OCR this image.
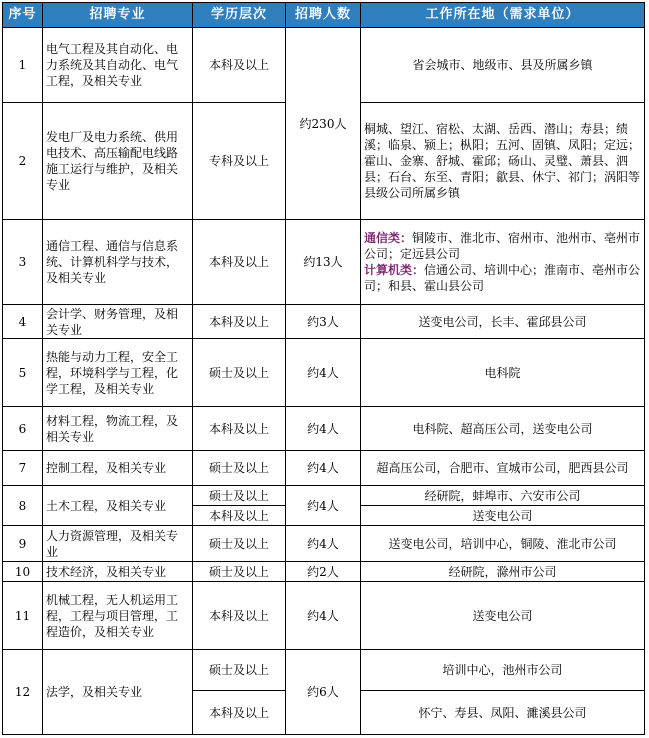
序号	招聘专业	学历层次	招聘人数	工作所在地（需求单位）
1	电气工程及其自动化、电力系统及其自动化、电气工程，及相关专业	本科及以上	约230人	省会城市、地级市、县及所属乡镇
2	发电厂及电力系统、供用电技术、高压输配电线路施工运行与维护，及相关专业	专科及以上		桐城、望江、宿松、太湖、岳西、潜山；寿县；绩溪；临泉、颍上；枞阳；五河、固镇、凤阳；定远；霍山、金寨、舒城、霍邱；砀山、灵璧、萧县、泗县；石台、东至、青阳；歙县、休宁、祁门；涡阳等县级公司所属乡镇
3	通信工程、通信与信息系统、计算机科学与技术，及相关专业	本科及以上	约13人	通信类：铜陵市、淮北市、宿州市、池州市、亳州市公司；定远县公司
计算机类：信通公司、培训中心；淮南市、亳州市公司；和县、霍山县公司
4	会计学、财务管理，及相关专业	本科及以上	约3人	送变电公司，长丰、霍邱县公司
5	热能与动力工程，安全工程，环境科学与工程，化学工程，及相关专业	硕士及以上	约4人	电科院
6	材料工程，物流工程，及相关专业	本科及以上	约4人	电科院、超高压公司，送变电公司
7	控制工程，及相关专业	硕士及以上	约4人	超高压公司，合肥市、宣城市公司，肥西县公司
8	土木工程，及相关专业	硕士及以上	约4人	经研院，蚌埠市、六安市公司
		本科及以上		送变电公司
9	人力资源管理，及相关专业	硕士及以上	约4人	送变电公司，培训中心，铜陵、淮北市公司
10	技术经济，及相关专业	硕士及以上	约2人	经研院，滁州市公司
11	机械工程，无人机运用工程，工程与项目管理，工程造价，及相关专业	本科及以上	约4人	送变电公司
12	法学，及相关专业	硕士及以上	约6人	培训中心，池州市公司
		本科及以上		怀宁、寿县、凤阳、濉溪县公司
